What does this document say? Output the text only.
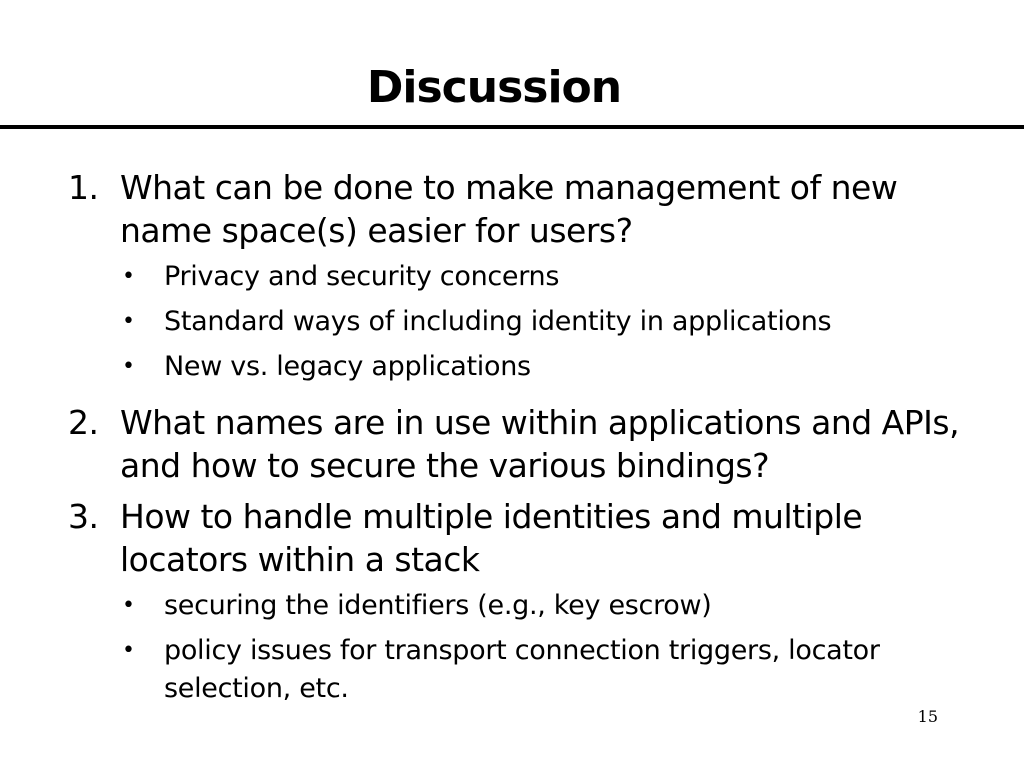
Discussion
1. What can be done to make management of new name space(s) easier for users?
•	Privacy and security concerns
•	Standard ways of including identity in applications
•	New vs. legacy applications
2. What names are in use within applications and APIs, and how to secure the various bindings?
3. How to handle multiple identities and multiple locators within a stack
•	securing the identifiers (e.g., key escrow)
•	policy issues for transport connection triggers, locator selection, etc.
15
